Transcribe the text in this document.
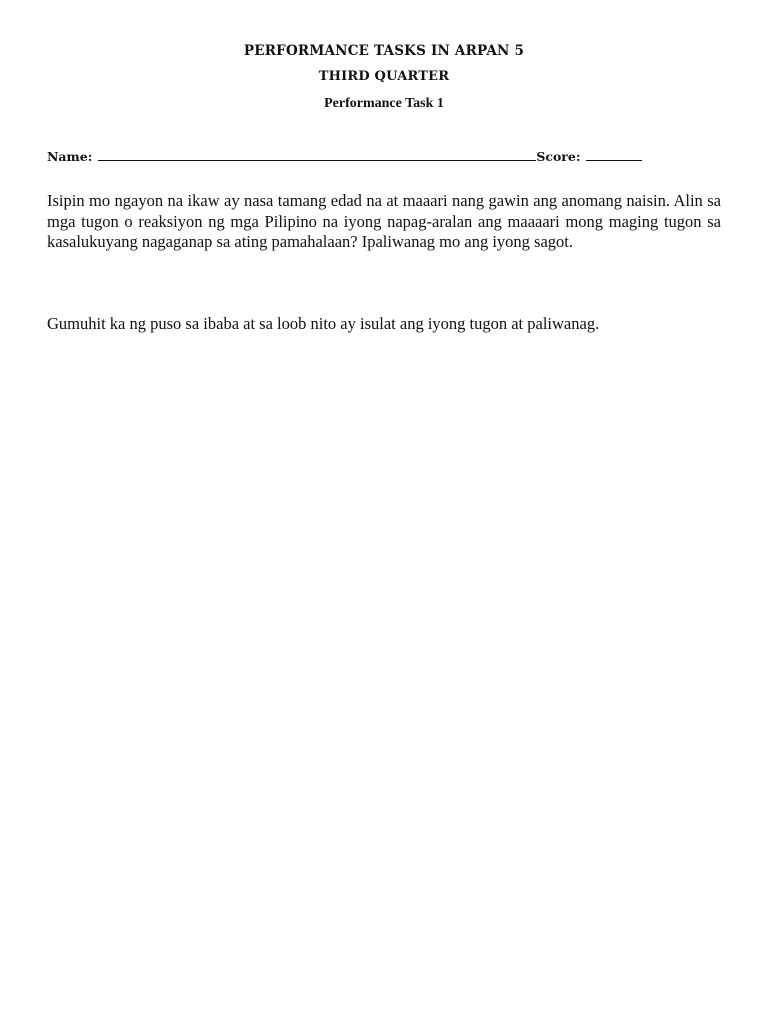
PERFORMANCE TASKS IN ARPAN 5
THIRD QUARTER
Performance Task 1
Name:	Score:
Isipin mo ngayon na ikaw ay nasa tamang edad na at maaari nang gawin ang anomang naisin. Alin sa mga tugon o reaksiyon ng mga Pilipino na iyong napag-aralan ang maaaari mong maging tugon sa kasalukuyang nagaganap sa ating pamahalaan? Ipaliwanag mo ang iyong sagot.
Gumuhit ka ng puso sa ibaba at sa loob nito ay isulat ang iyong tugon at paliwanag.
